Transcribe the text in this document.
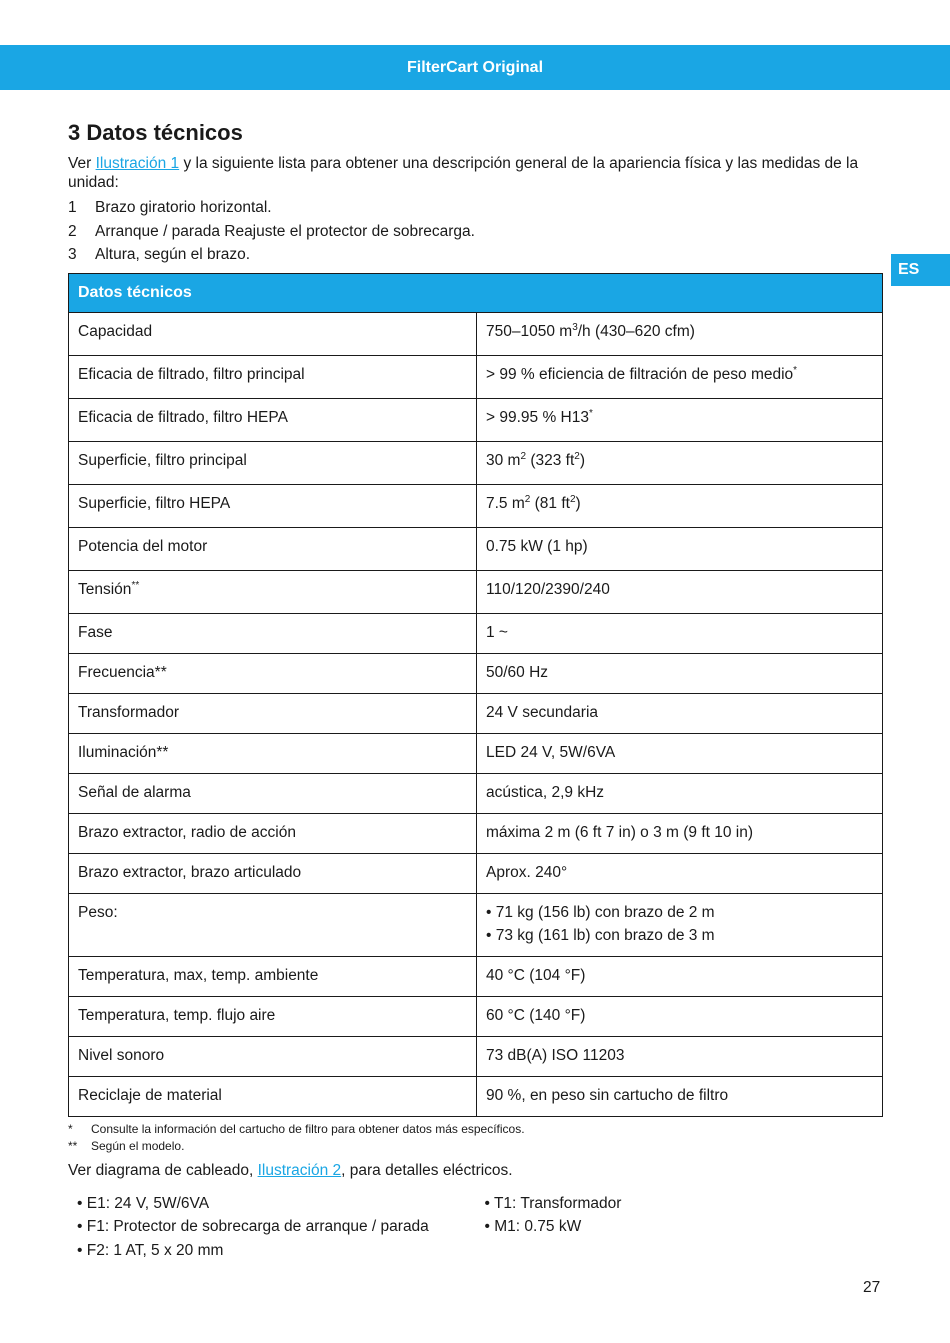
FilterCart Original
ES
3 Datos técnicos

Ver Ilustración 1 y la siguiente lista para obtener una descripción general de la apariencia física y las medidas de la unidad:

1	Brazo giratorio horizontal.
2	Arranque / parada Reajuste el protector de sobrecarga.
3	Altura, según el brazo.
Datos técnicos	
Capacidad	750–1050 $m^3/h$ (430–620 cfm)
Eficacia de filtrado, filtro principal	> 99 % eficiencia de filtración de peso medio*
Eficacia de filtrado, filtro HEPA	> 99.95 % H13*
Superficie, filtro principal	30 $m^2$ (323 $ft^2$)
Superficie, filtro HEPA	7.5 $m^2$ (81 $ft^2$)
Potencia del motor	0.75 kW (1 hp)
Tensión**	110/120/2390/240
Fase	1 ~
Frecuencia**	50/60 Hz
Transformador	24 V secundaria
Iluminación**	LED 24 V, 5W/6VA
Señal de alarma	acústica, 2,9 kHz
Brazo extractor, radio de acción	máxima 2 m (6 ft 7 in) o 3 m (9 ft 10 in)
Brazo extractor, brazo articulado	Aprox. 240°
Peso:	• 71 kg (156 lb) con brazo de 2 m
• 73 kg (161 lb) con brazo de 3 m

Temperatura, max, temp. ambiente	40 °C (104 °F)
Temperatura, temp. flujo aire	60 °C (140 °F)
Nivel sonoro	73 dB(A) ISO 11203
Reciclaje de material	90 %, en peso sin cartucho de filtro
*	Consulte la información del cartucho de filtro para obtener datos más específicos.
**	Según el modelo.

Ver diagrama de cableado, Ilustración 2, para detalles eléctricos.

• E1: 24 V, 5W/6VA
• F1: Protector de sobrecarga de arranque / parada
• F2: 1 AT, 5 x 20 mm
• T1: Transformador
• M1: 0.75 kW
27
